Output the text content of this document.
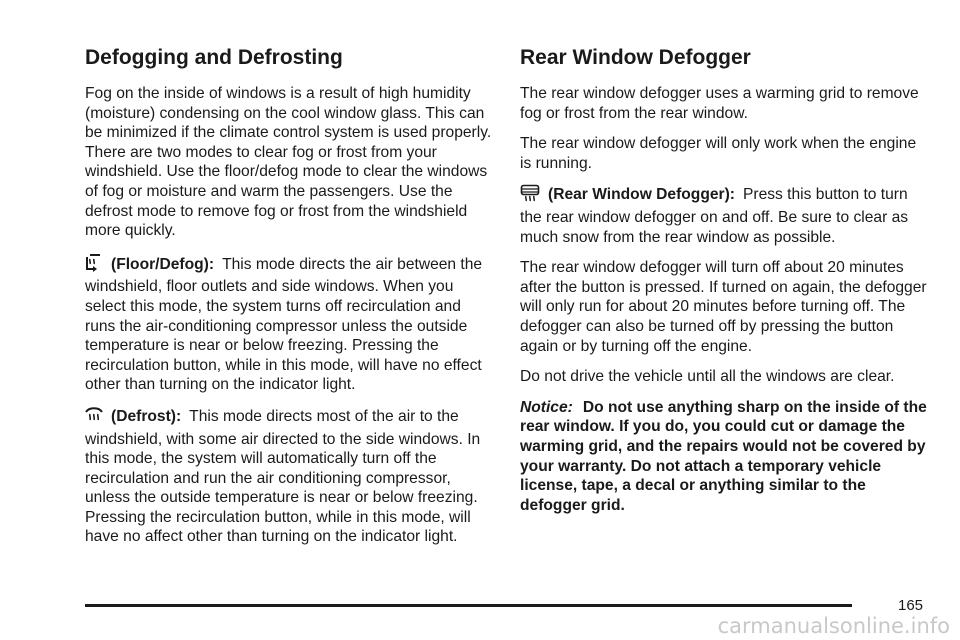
Defogging and Defrosting

Fog on the inside of windows is a result of high humidity (moisture) condensing on the cool window glass. This can be minimized if the climate control system is used properly. There are two modes to clear fog or frost from your windshield. Use the floor/defog mode to clear the windows of fog or moisture and warm the passengers. Use the defrost mode to remove fog or frost from the windshield more quickly.

(Floor/Defog): This mode directs the air between the windshield, floor outlets and side windows. When you select this mode, the system turns off recirculation and runs the air-conditioning compressor unless the outside temperature is near or below freezing. Pressing the recirculation button, while in this mode, will have no effect other than turning on the indicator light.

(Defrost): This mode directs most of the air to the windshield, with some air directed to the side windows. In this mode, the system will automatically turn off the recirculation and run the air conditioning compressor, unless the outside temperature is near or below freezing. Pressing the recirculation button, while in this mode, will have no affect other than turning on the indicator light.

Rear Window Defogger

The rear window defogger uses a warming grid to remove fog or frost from the rear window.

The rear window defogger will only work when the engine is running.

(Rear Window Defogger): Press this button to turn the rear window defogger on and off. Be sure to clear as much snow from the rear window as possible.

The rear window defogger will turn off about 20 minutes after the button is pressed. If turned on again, the defogger will only run for about 20 minutes before turning off. The defogger can also be turned off by pressing the button again or by turning off the engine.

Do not drive the vehicle until all the windows are clear.

Notice: Do not use anything sharp on the inside of the rear window. If you do, you could cut or damage the warming grid, and the repairs would not be covered by your warranty. Do not attach a temporary vehicle license, tape, a decal or anything similar to the defogger grid.

165
carmanualsonline.info
